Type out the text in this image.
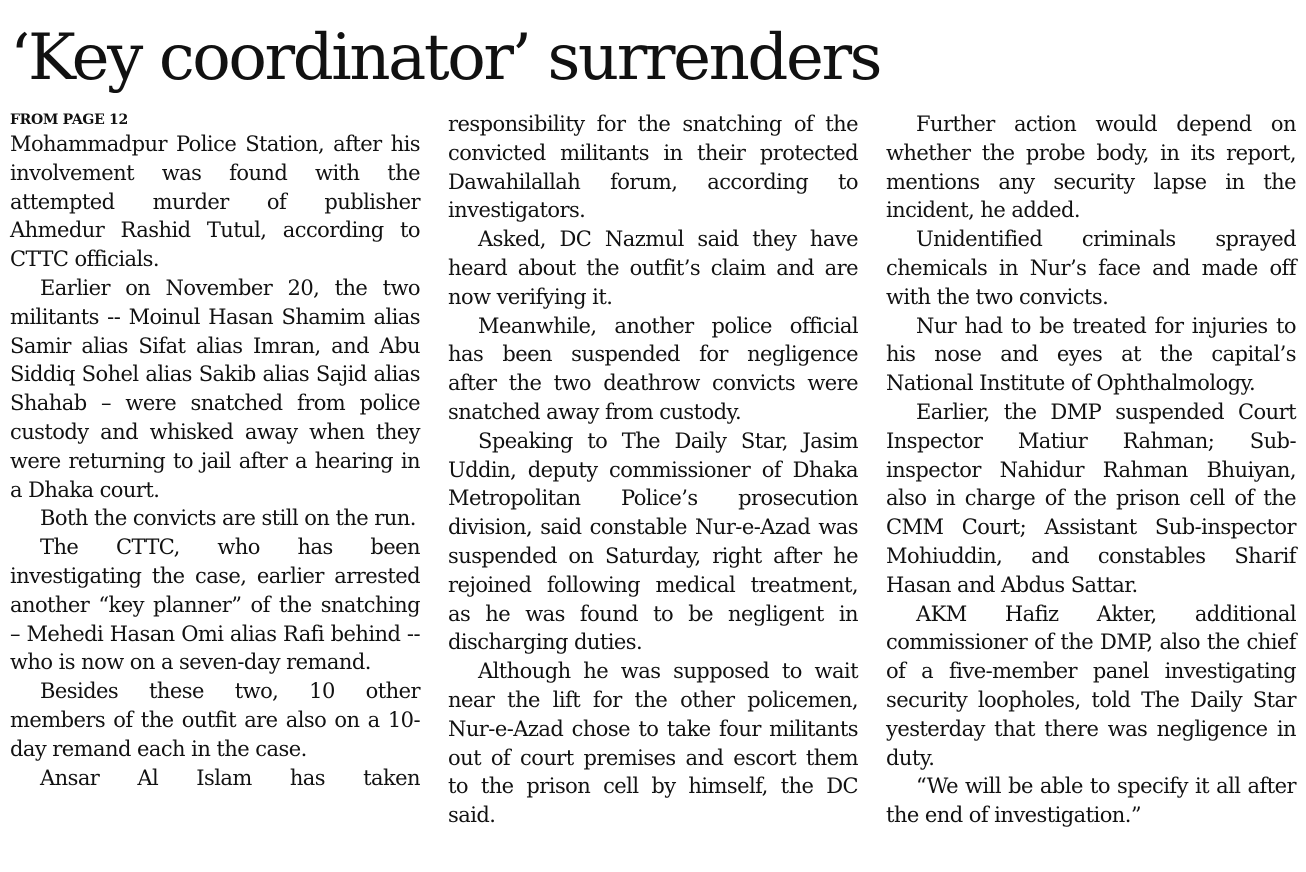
‘Key coordinator’ surrenders
FROM PAGE 12

Mohammadpur Police Station, after his involvement was found with the attempted murder of publisher Ahmedur Rashid Tutul, according to CTTC officials.

Earlier on November 20, the two militants -- Moinul Hasan Shamim alias Samir alias Sifat alias Imran, and Abu Siddiq Sohel alias Sakib alias Sajid alias Shahab – were snatched from police custody and whisked away when they were returning to jail after a hearing in a Dhaka court.

Both the convicts are still on the run.

The CTTC, who has been investigating the case, earlier arrested another “key planner” of the snatching – Mehedi Hasan Omi alias Rafi behind -- who is now on a seven-day remand.

Besides these two, 10 other members of the outfit are also on a 10-day remand each in the case.

Ansar Al Islam has taken

responsibility for the snatching of the convicted militants in their protected Dawahilallah forum, according to investigators.

Asked, DC Nazmul said they have heard about the outfit’s claim and are now verifying it.

Meanwhile, another police official has been suspended for negligence after the two deathrow convicts were snatched away from custody.

Speaking to The Daily Star, Jasim Uddin, deputy commissioner of Dhaka Metropolitan Police’s prosecution division, said constable Nur-e-Azad was suspended on Saturday, right after he rejoined following medical treatment, as he was found to be negligent in discharging duties.

Although he was supposed to wait near the lift for the other policemen, Nur-e-Azad chose to take four militants out of court premises and escort them to the prison cell by himself, the DC said.

Further action would depend on whether the probe body, in its report, mentions any security lapse in the incident, he added.

Unidentified criminals sprayed chemicals in Nur’s face and made off with the two convicts.

Nur had to be treated for injuries to his nose and eyes at the capital’s National Institute of Ophthalmology.

Earlier, the DMP suspended Court Inspector Matiur Rahman; Sub-inspector Nahidur Rahman Bhuiyan, also in charge of the prison cell of the CMM Court; Assistant Sub-inspector Mohiuddin, and constables Sharif Hasan and Abdus Sattar.

AKM Hafiz Akter, additional commissioner of the DMP, also the chief of a five-member panel investigating security loopholes, told The Daily Star yesterday that there was negligence in duty.

“We will be able to specify it all after the end of investigation.”
